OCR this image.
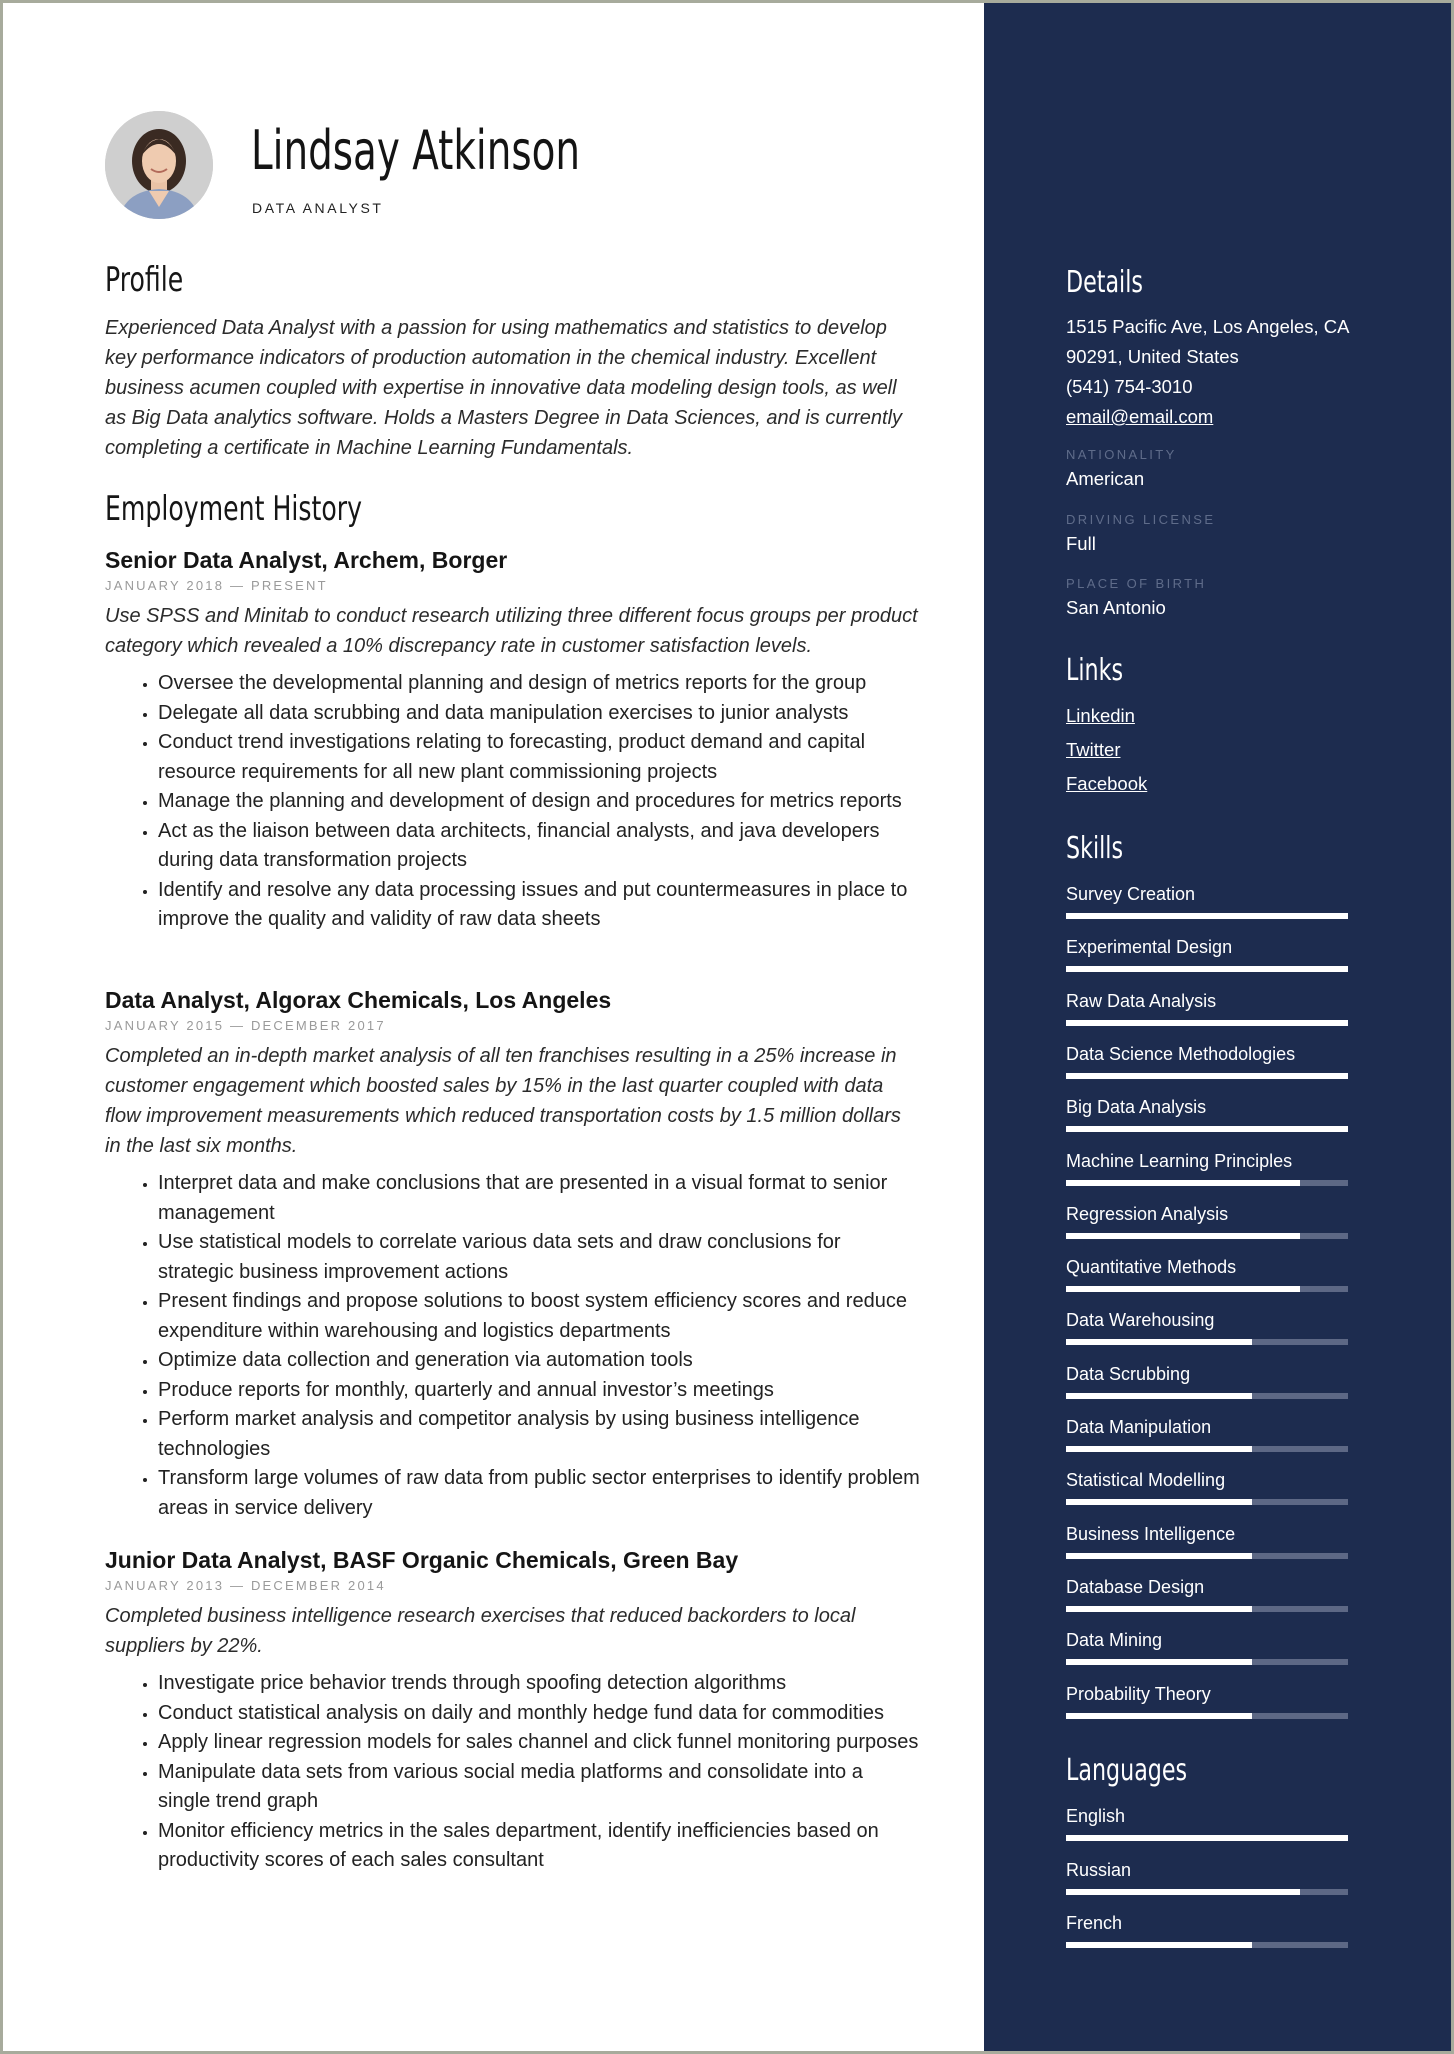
Lindsay Atkinson
DATA ANALYST
Profile
Experienced Data Analyst with a passion for using mathematics and statistics to develop key performance indicators of production automation in the chemical industry. Excellent business acumen coupled with expertise in innovative data modeling design tools, as well as Big Data analytics software. Holds a Masters Degree in Data Sciences, and is currently completing a certificate in Machine Learning Fundamentals.
Employment History
Senior Data Analyst, Archem, Borger
JANUARY 2018 — PRESENT
Use SPSS and Minitab to conduct research utilizing three different focus groups per product category which revealed a 10% discrepancy rate in customer satisfaction levels.
• Oversee the developmental planning and design of metrics reports for the group
• Delegate all data scrubbing and data manipulation exercises to junior analysts
• Conduct trend investigations relating to forecasting, product demand and capital resource requirements for all new plant commissioning projects
• Manage the planning and development of design and procedures for metrics reports
• Act as the liaison between data architects, financial analysts, and java developers during data transformation projects
• Identify and resolve any data processing issues and put countermeasures in place to improve the quality and validity of raw data sheets
Data Analyst, Algorax Chemicals, Los Angeles
JANUARY 2015 — DECEMBER 2017
Completed an in-depth market analysis of all ten franchises resulting in a 25% increase in customer engagement which boosted sales by 15% in the last quarter coupled with data flow improvement measurements which reduced transportation costs by 1.5 million dollars in the last six months.
• Interpret data and make conclusions that are presented in a visual format to senior management
• Use statistical models to correlate various data sets and draw conclusions for strategic business improvement actions
• Present findings and propose solutions to boost system efficiency scores and reduce expenditure within warehousing and logistics departments
• Optimize data collection and generation via automation tools
• Produce reports for monthly, quarterly and annual investor’s meetings
• Perform market analysis and competitor analysis by using business intelligence technologies
• Transform large volumes of raw data from public sector enterprises to identify problem areas in service delivery
Junior Data Analyst, BASF Organic Chemicals, Green Bay
JANUARY 2013 — DECEMBER 2014
Completed business intelligence research exercises that reduced backorders to local suppliers by 22%.
• Investigate price behavior trends through spoofing detection algorithms
• Conduct statistical analysis on daily and monthly hedge fund data for commodities
• Apply linear regression models for sales channel and click funnel monitoring purposes
• Manipulate data sets from various social media platforms and consolidate into a single trend graph
• Monitor efficiency metrics in the sales department, identify inefficiencies based on productivity scores of each sales consultant
Details
1515 Pacific Ave, Los Angeles, CA
90291, United States
(541) 754-3010
email@email.com
NATIONALITY
American
DRIVING LICENSE
Full
PLACE OF BIRTH
San Antonio
Links
Linkedin
Twitter
Facebook
Skills
Survey Creation
Experimental Design
Raw Data Analysis
Data Science Methodologies
Big Data Analysis
Machine Learning Principles
Regression Analysis
Quantitative Methods
Data Warehousing
Data Scrubbing
Data Manipulation
Statistical Modelling
Business Intelligence
Database Design
Data Mining
Probability Theory
Languages
English
Russian
French
